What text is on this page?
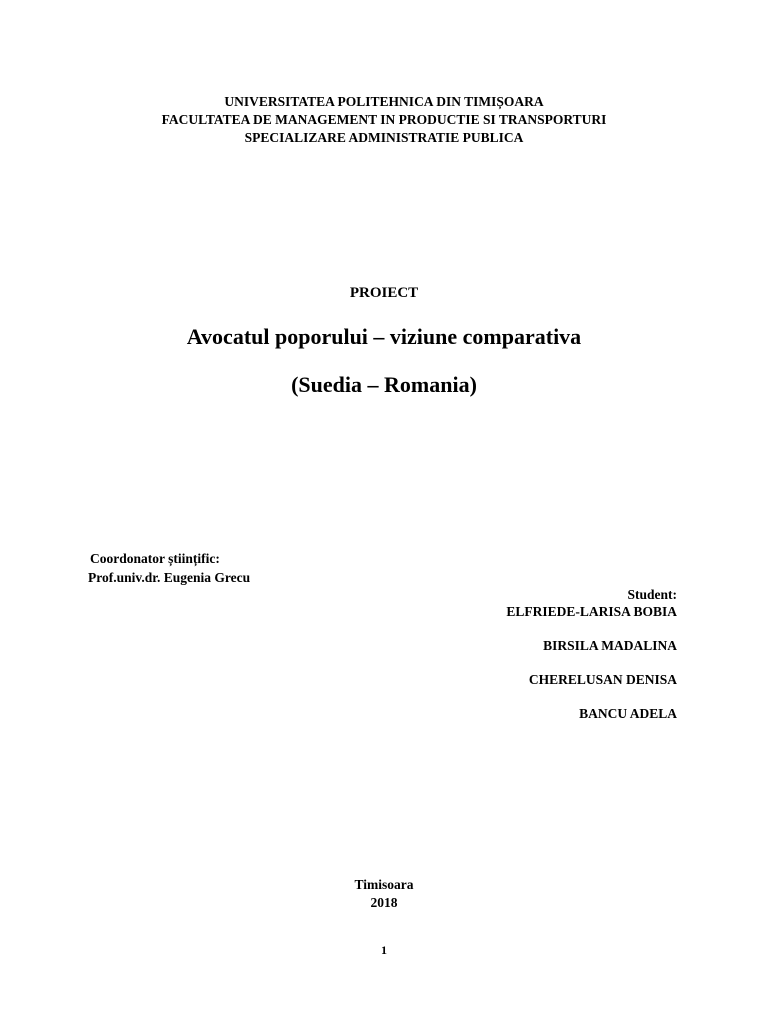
UNIVERSITATEA POLITEHNICA DIN TIMIȘOARA
FACULTATEA DE MANAGEMENT IN PRODUCTIE SI TRANSPORTURI
SPECIALIZARE ADMINISTRATIE PUBLICA
PROIECT
Avocatul poporului – viziune comparativa
(Suedia – Romania)
Coordonator științific:
Prof.univ.dr. Eugenia Grecu
Student:
ELFRIEDE-LARISA BOBIA
BIRSILA MADALINA
CHERELUSAN DENISA
BANCU ADELA
Timisoara
2018
1
